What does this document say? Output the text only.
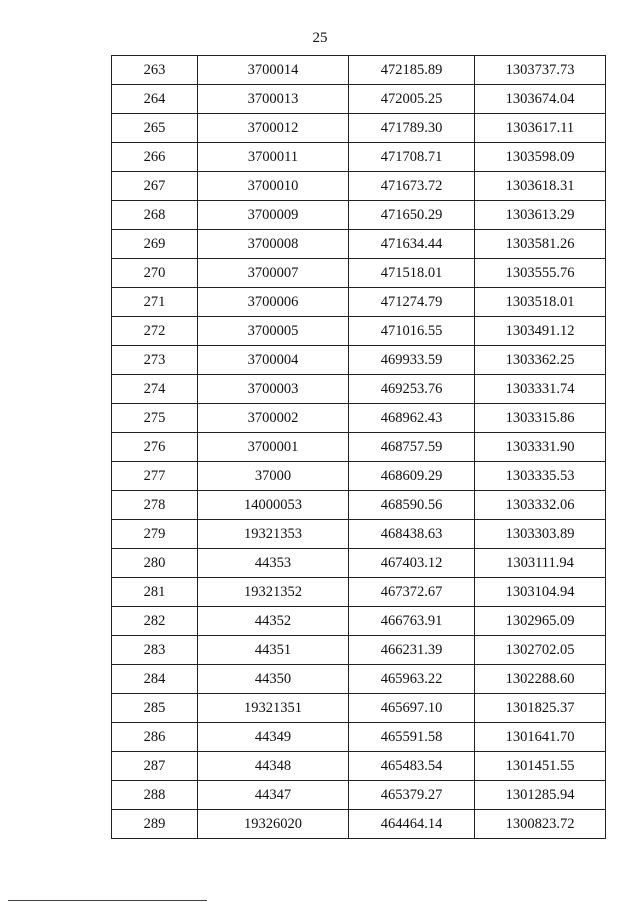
25
263	3700014	472185.89	1303737.73
264	3700013	472005.25	1303674.04
265	3700012	471789.30	1303617.11
266	3700011	471708.71	1303598.09
267	3700010	471673.72	1303618.31
268	3700009	471650.29	1303613.29
269	3700008	471634.44	1303581.26
270	3700007	471518.01	1303555.76
271	3700006	471274.79	1303518.01
272	3700005	471016.55	1303491.12
273	3700004	469933.59	1303362.25
274	3700003	469253.76	1303331.74
275	3700002	468962.43	1303315.86
276	3700001	468757.59	1303331.90
277	37000	468609.29	1303335.53
278	14000053	468590.56	1303332.06
279	19321353	468438.63	1303303.89
280	44353	467403.12	1303111.94
281	19321352	467372.67	1303104.94
282	44352	466763.91	1302965.09
283	44351	466231.39	1302702.05
284	44350	465963.22	1302288.60
285	19321351	465697.10	1301825.37
286	44349	465591.58	1301641.70
287	44348	465483.54	1301451.55
288	44347	465379.27	1301285.94
289	19326020	464464.14	1300823.72
